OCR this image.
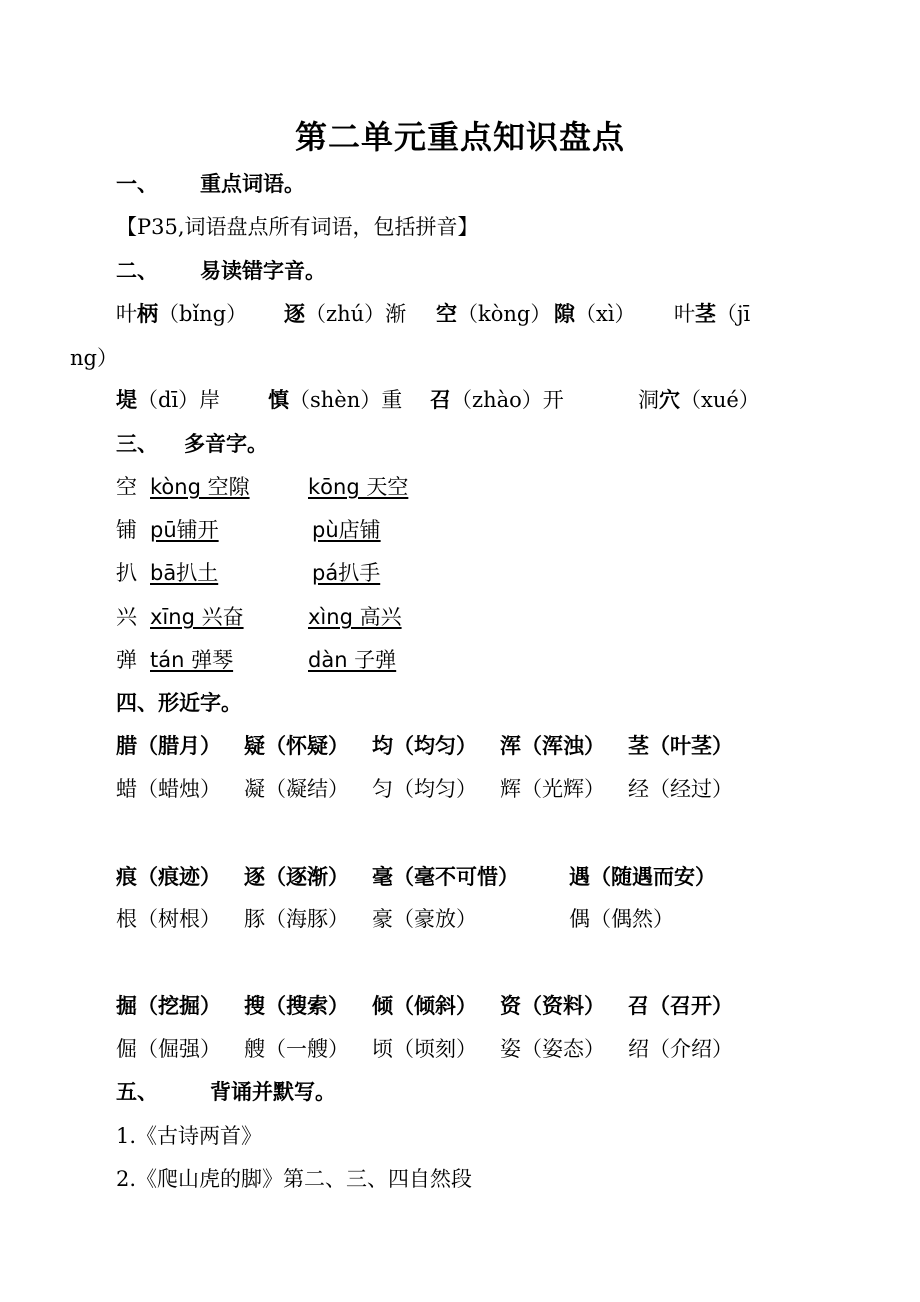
第二单元重点知识盘点
一、 重点词语。
【P35,词语盘点所有词语，包括拼音】
二、 易读错字音。
叶柄（bǐng） 逐（zhú）渐 空（kòng） 隙（xì） 叶茎（jī
ng）
堤（dī）岸 慎（shèn）重 召（zhào）开	洞穴（xué）
三、 多音字。
空 kòng 空隙	kōng 天空
铺 pū铺开	pù店铺
扒 bā扒土	pá扒手
兴 xīng 兴奋	xìng 高兴
弹 tán 弹琴	dàn 子弹
四、形近字。
腊（腊月） 疑（怀疑） 均（均匀） 浑（浑浊） 茎（叶茎）
蜡（蜡烛） 凝（凝结） 匀（均匀） 辉（光辉） 经（经过）
痕（痕迹） 逐（逐渐） 毫（毫不可惜） 遇（随遇而安）
根（树根） 豚（海豚） 豪（豪放）	偶（偶然）
掘（挖掘） 搜（搜索） 倾（倾斜） 资（资料） 召（召开）
倔（倔强） 艘（一艘） 顷（顷刻） 姿（姿态） 绍（介绍）
五、 背诵并默写。
1.《古诗两首》
2.《爬山虎的脚》第二、三、四自然段
